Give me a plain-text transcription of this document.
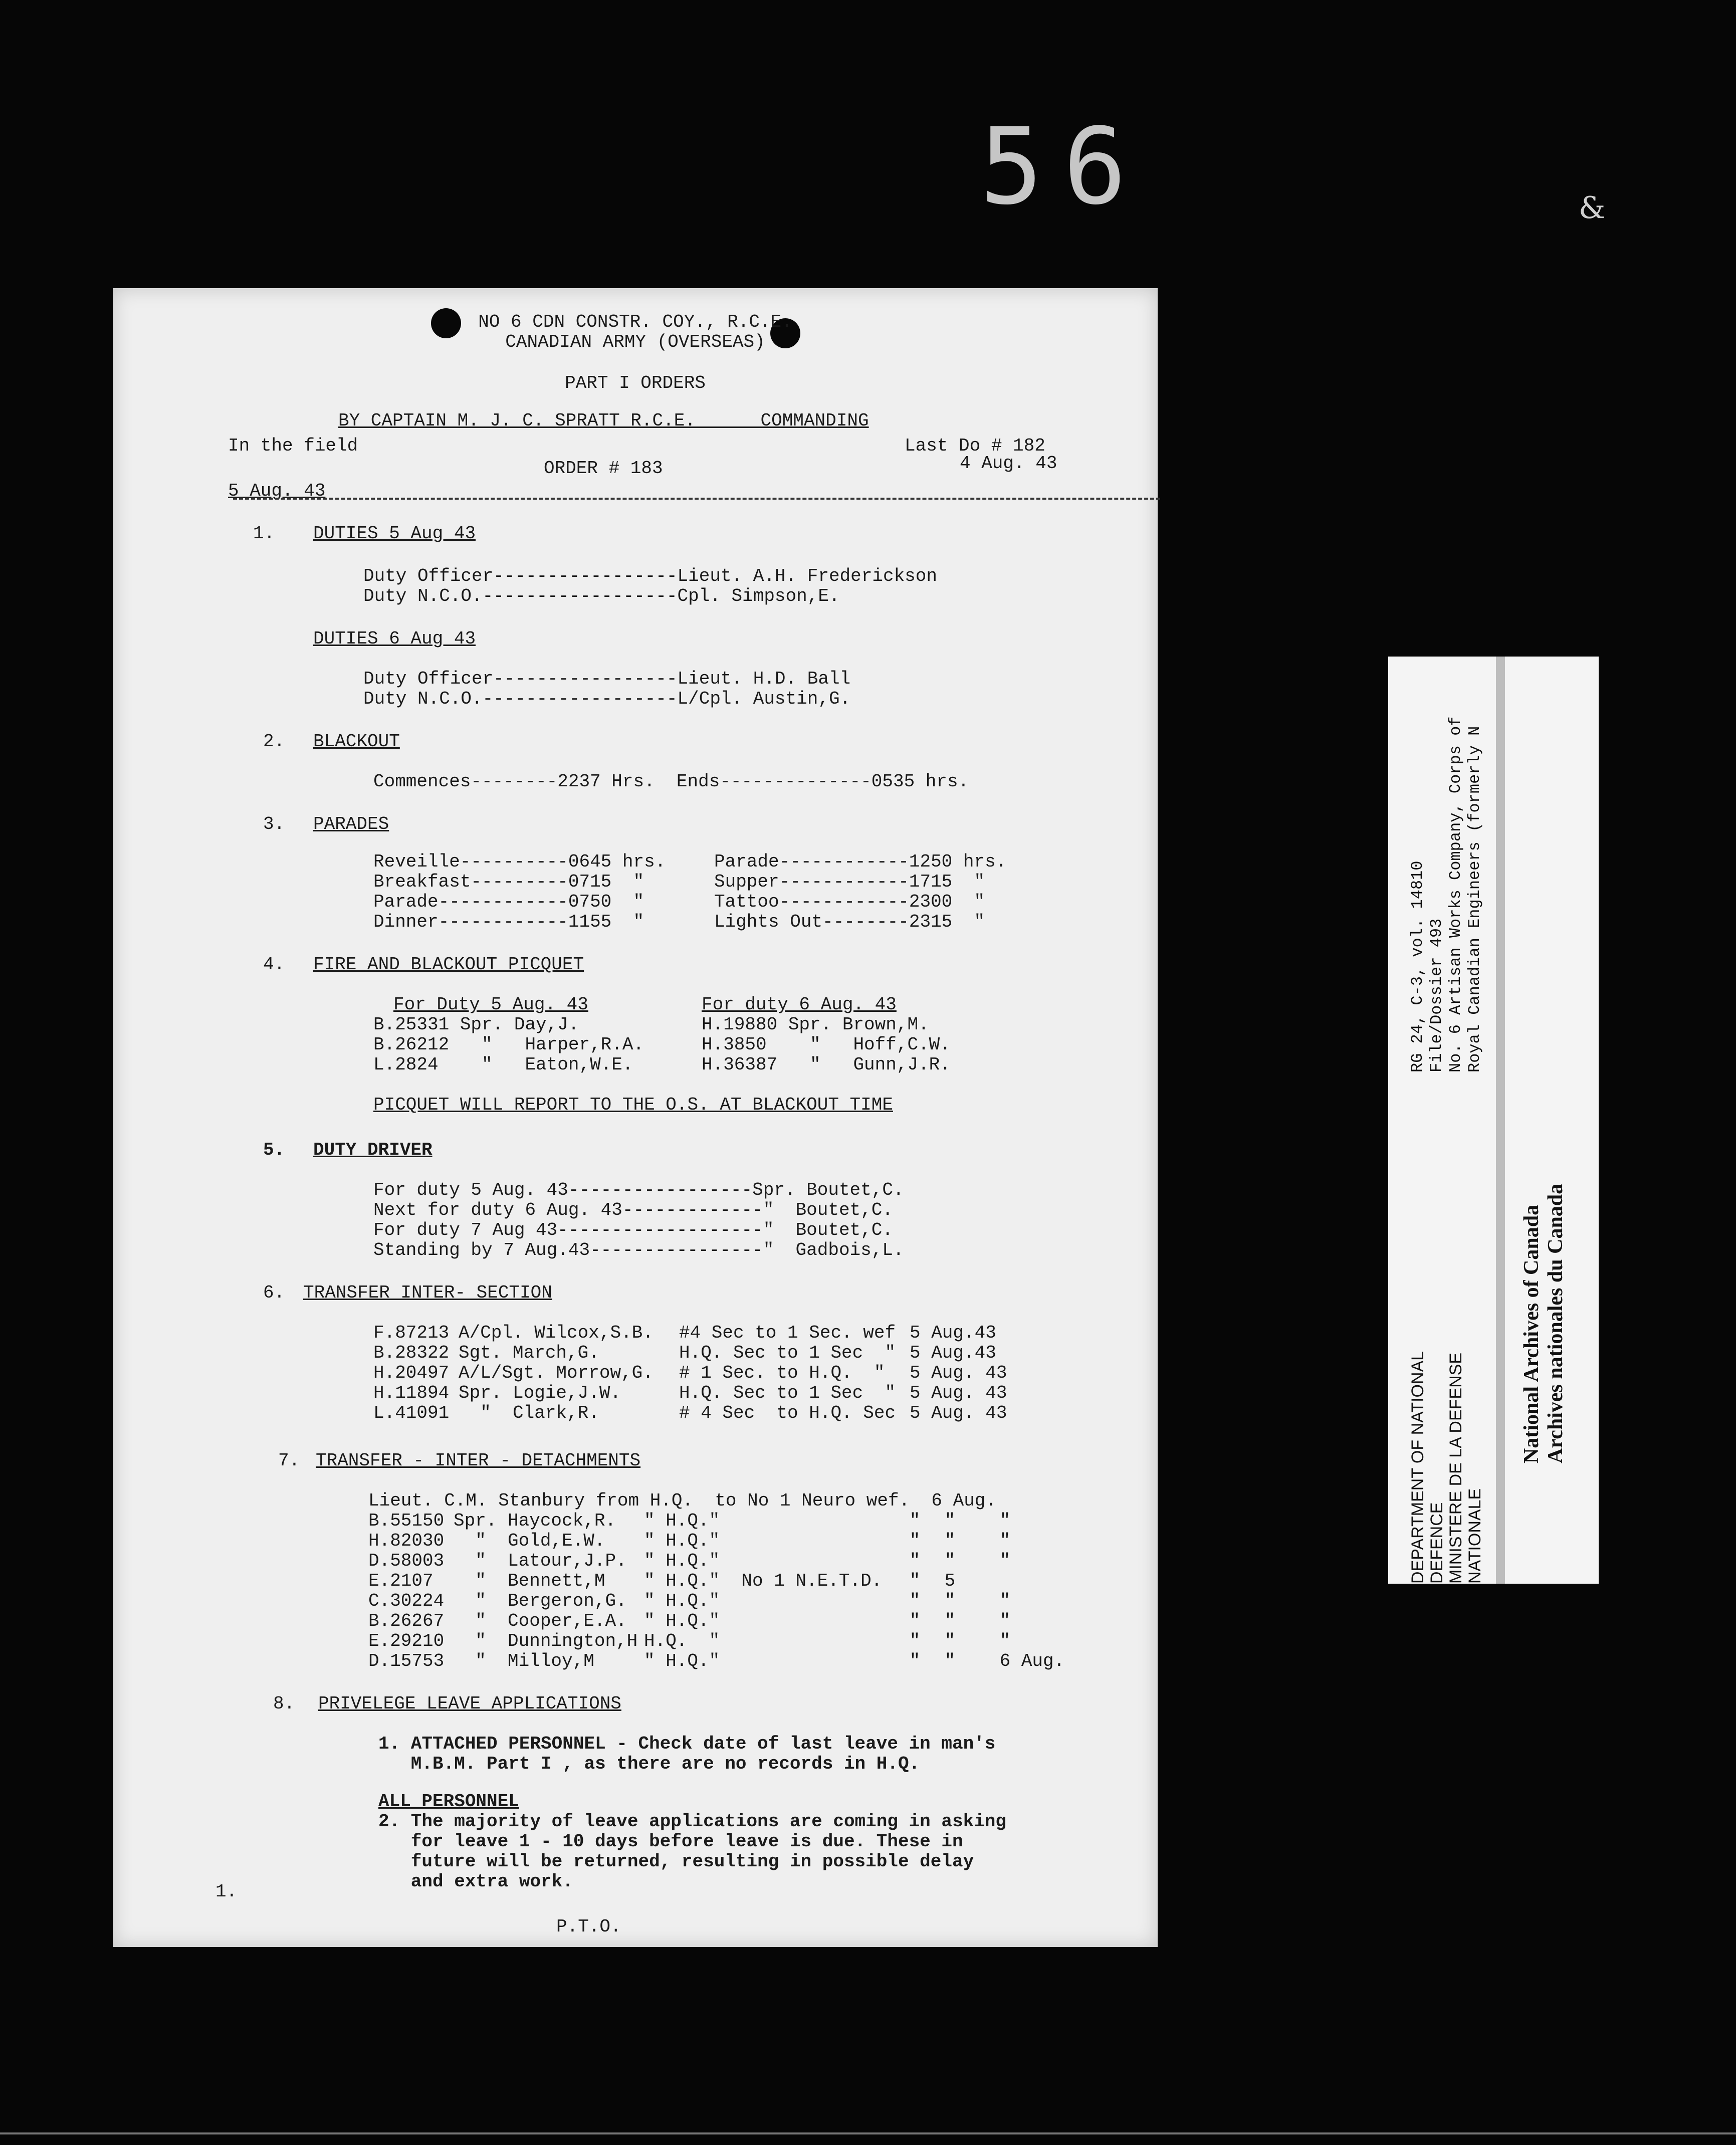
56	&
NO 6 CDN CONSTR. COY., R.C.E.
CANADIAN ARMY (OVERSEAS)
PART I ORDERS
BY CAPTAIN M. J. C. SPRATT R.C.E.      COMMANDING
In the field	Last Do # 182
ORDER # 183	4 Aug. 43
5 Aug. 43
1. DUTIES 5 Aug 43
Duty Officer-----------------Lieut. A.H. Frederickson
Duty N.C.O.------------------Cpl. Simpson,E.
DUTIES 6 Aug 43
Duty Officer-----------------Lieut. H.D. Ball
Duty N.C.O.------------------L/Cpl. Austin,G.
2. BLACKOUT
Commences--------2237 Hrs.  Ends--------------0535 hrs.
3. PARADES
Reveille----------0645 hrs.	Parade------------1250 hrs.
Breakfast---------0715  "	Supper------------1715  "
Parade------------0750  "	Tattoo------------2300  "
Dinner------------1155  "	Lights Out--------2315  "
4. FIRE AND BLACKOUT PICQUET
For Duty 5 Aug. 43	For duty 6 Aug. 43
B.25331 Spr. Day,J.	H.19880 Spr. Brown,M.
B.26212   "   Harper,R.A.	H.3850    "   Hoff,C.W.
L.2824    "   Eaton,W.E.	H.36387   "   Gunn,J.R.
PICQUET WILL REPORT TO THE O.S. AT BLACKOUT TIME
5. DUTY DRIVER
For duty 5 Aug. 43-----------------Spr. Boutet,C.
Next for duty 6 Aug. 43-------------"  Boutet,C.
For duty 7 Aug 43-------------------"  Boutet,C.
Standing by 7 Aug.43----------------"  Gadbois,L.
6. TRANSFER INTER- SECTION
F.87213	A/Cpl. Wilcox,S.B.	#4 Sec to 1 Sec. wef	5 Aug.43
B.28322	Sgt. March,G.	H.Q. Sec to 1 Sec  "	5 Aug.43
H.20497	A/L/Sgt. Morrow,G.	# 1 Sec. to H.Q.  "	5 Aug. 43
H.11894	Spr. Logie,J.W.	H.Q. Sec to 1 Sec  "	5 Aug. 43
L.41091	"  Clark,R.	# 4 Sec  to H.Q. Sec	5 Aug. 43
7. TRANSFER - INTER - DETACHMENTS
Lieut. C.M. Stanbury from H.Q.  to No 1 Neuro wef.  6 Aug.
B.55150	Spr. Haycock,R.	" H.Q.	"	"	"	"
H.82030	"  Gold,E.W.	" H.Q.	"	"	"	"
D.58003	"  Latour,J.P.	" H.Q.	"	"	"	"
E.2107	"  Bennett,M	" H.Q.	"  No 1 N.E.T.D.	"	5	
C.30224	"  Bergeron,G.	" H.Q.	"	"	"	"
B.26267	"  Cooper,E.A.	" H.Q.	"	"	"	"
E.29210	"  Dunnington,H	H.Q.	"	"	"	"
D.15753	"  Milloy,M	" H.Q.	"	"	"	6 Aug.
8. PRIVELEGE LEAVE APPLICATIONS
1. ATTACHED PERSONNEL - Check date of last leave in man's
M.B.M. Part I , as there are no records in H.Q.
ALL PERSONNEL
2. The majority of leave applications are coming in asking
for leave 1 - 10 days before leave is due. These in
future will be returned, resulting in possible delay
and extra work.
1.
P.T.O.
DEPARTMENT OF NATIONAL
DEFENCE
MINISTERE DE LA DEFENSE
NATIONALE
RG 24, C-3, vol. 14810
File/Dossier 493
No. 6 Artisan Works Company, Corps of
Royal Canadian Engineers (formerly N
National Archives of Canada
Archives nationales du Canada
